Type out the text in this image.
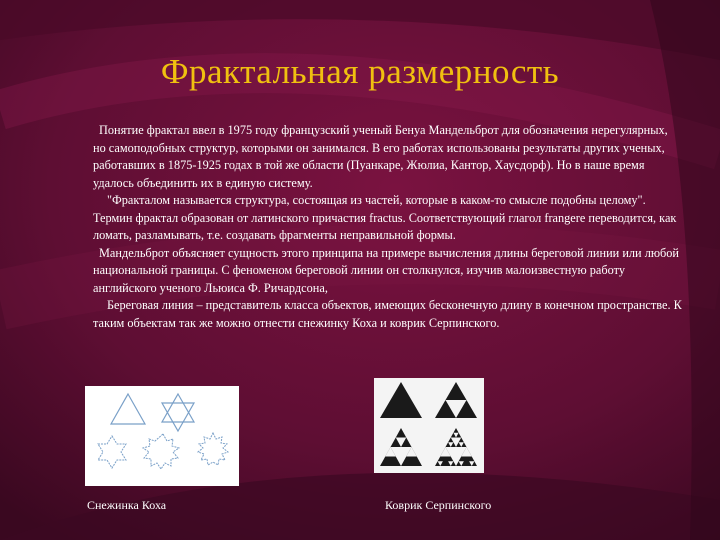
Фрактальная размерность

Понятие фрактал ввел в 1975 году французский ученый Бенуа Мандельброт для обозначения нерегулярных, но самоподобных структур, которыми он занимался. В его работах использованы результаты других ученых, работавших в 1875-1925 годах в той же области (Пуанкаре, Жюлиа, Кантор, Хаусдорф). Но в наше время удалось объединить их в единую систему.

"Фракталом называется структура, состоящая из частей, которые в каком-то смысле подобны целому". Термин фрактал образован от латинского причастия fractus. Соответствующий глагол frangere переводится, как ломать, разламывать, т.е. создавать фрагменты неправильной формы.

Мандельброт объясняет сущность этого принципа на примере вычисления длины береговой линии или любой национальной границы. С феноменом береговой линии он столкнулся, изучив малоизвестную работу английского ученого Льюиса Ф. Ричардсона,

Береговая линия – представитель класса объектов, имеющих бесконечную длину в конечном пространстве. К таким объектам так же можно отнести снежинку Коха и коврик Серпинского.

Снежинка Коха	Коврик Серпинского
